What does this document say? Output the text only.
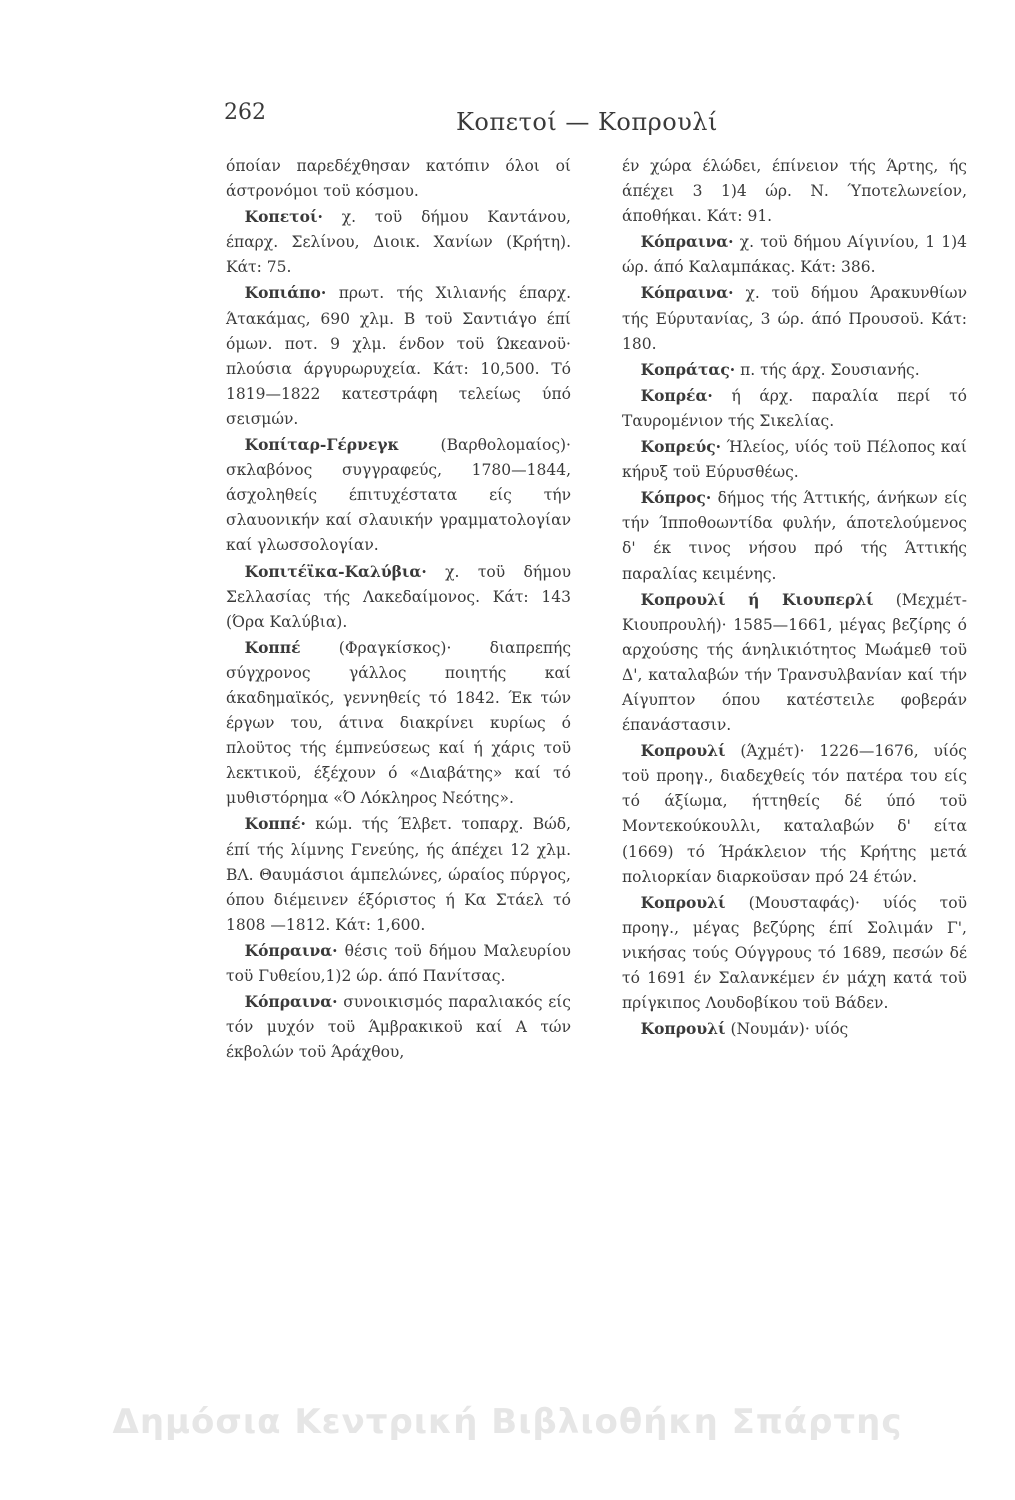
262	Κοπετοί — Κοπρουλί

όποίαν παρεδέχθησαν κατόπιν όλοι οί άστρονόμοι τοϋ κόσμου.

Κοπετοί· χ. τοϋ δήμου Καντάνου, έπαρχ. Σελίνου, Διοικ. Χανίων (Κρήτη). Κάτ: 75.

Κοπιάπο· πρωτ. τής Χιλιανής έπαρχ. Άτακάμας, 690 χλμ. Β τοϋ Σαντιάγο έπί όμων. ποτ. 9 χλμ. ένδον τοϋ Ώκεανοϋ· πλούσια άργυρωρυχεία. Κάτ: 10,500. Τό 1819—1822 κατεστράφη τελείως ύπό σεισμών.

Κοπίταρ-Γέρνεγκ	(Βαρθολομαίος)· σκλαβόνος συγγραφεύς, 1780—1844, άσχοληθείς έπιτυχέστατα είς τήν σλαυονικήν καί σλαυικήν γραμματολογίαν καί γλωσσολογίαν.

Κοπιτέϊκα-Καλύβια· χ. τοϋ δήμου Σελλασίας τής Λακεδαίμονος. Κάτ: 143 (Όρα Καλύβια).

Κοππέ (Φραγκίσκος)· διαπρεπής σύγχρονος γάλλος ποιητής καί άκαδημαϊκός, γεννηθείς τό 1842. Έκ τών έργων του, άτινα διακρίνει κυρίως ό πλοϋτος τής έμπνεύσεως καί ή χάρις τοϋ λεκτικοϋ, έξέχουν ό «Διαβάτης» καί τό μυθιστόρημα «Ό Λόκληρος Νεότης».

Κοππέ· κώμ. τής Έλβετ. τοπαρχ. Βώδ, έπί τής λίμνης Γενεύης, ής άπέχει 12 χλμ. ΒΛ. Θαυμάσιοι άμπελώνες, ώραίος πύργος, όπου διέμεινεν έξόριστος ή Κα Στάελ τό 1808 —1812. Κάτ: 1,600.

Κόπραινα· θέσις τοϋ δήμου Μαλευρίου τοϋ Γυθείου,1)2 ώρ. άπό Πανίτσας.

Κόπραινα· συνοικισμός παραλιακός είς τόν μυχόν τοϋ Άμβρακικοϋ καί Α τών έκβολών τοϋ Άράχθου,

έν χώρα έλώδει, έπίνειον τής Άρτης, ής άπέχει 3 1)4 ώρ. Ν. Ύποτελωνείον, άποθήκαι. Κάτ: 91.

Κόπραινα· χ. τοϋ δήμου Αίγινίου, 1 1)4 ώρ. άπό Καλαμπάκας. Κάτ: 386.

Κόπραινα· χ. τοϋ δήμου Άρακυνθίων τής Εύρυτανίας, 3 ώρ. άπό Προυσοϋ. Κάτ: 180.

Κοπράτας· π. τής άρχ. Σουσιανής.

Κοπρέα· ή άρχ. παραλία περί τό Ταυρομένιον τής Σικελίας.

Κοπρεύς· Ήλείος, υίός τοϋ Πέλοπος καί κήρυξ τοϋ Εύρυσθέως.

Κόπρος· δήμος τής Άττικής, άνήκων είς τήν Ίπποθοωντίδα φυλήν, άποτελούμενος δ' έκ τινος νήσου πρό τής Άττικής παραλίας κειμένης.

Κοπρουλί ή Κιουπερλί (Μεχμέτ-Κιουπρουλή)· 1585—1661, μέγας βεζίρης ό αρχούσης τής άνηλικιότητος Μωάμεθ τοϋ Δ', καταλαβών τήν Τρανσυλβανίαν καί τήν Αίγυπτον όπου κατέστειλε φοβεράν έπανάστασιν.

Κοπρουλί (Άχμέτ)· 1226—1676, υίός τοϋ προηγ., διαδεχθείς τόν πατέρα του είς τό άξίωμα, ήττηθείς δέ ύπό τοϋ Μοντεκούκουλλι, καταλαβών δ' είτα (1669) τό Ήράκλειον τής Κρήτης μετά πολιορκίαν διαρκοϋσαν πρό 24 έτών.

Κοπρουλί (Μουσταφάς)· υίός τοϋ προηγ., μέγας βεζύρης έπί Σολιμάν Γ', νικήσας τούς Ούγγρους τό 1689, πεσών δέ τό 1691 έν Σαλανκέμεν έν μάχη κατά τοϋ πρίγκιπος Λουδοβίκου τοϋ Βάδεν.

Κοπρουλί (Νουμάν)· υίός

Δημόσια Κεντρική Βιβλιοθήκη Σπάρτης
